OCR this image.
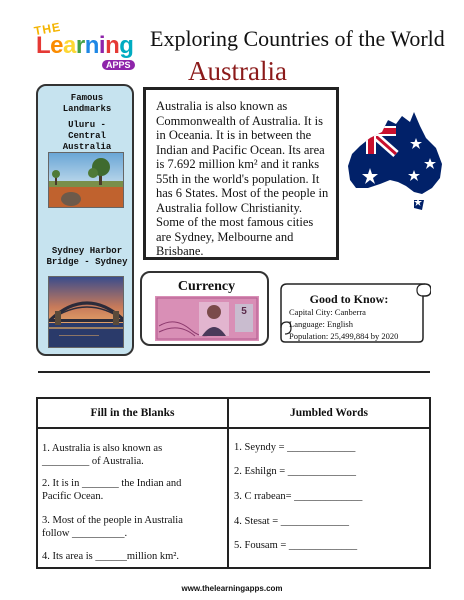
THE
Learning
APPS
Exploring Countries of the World
Australia
Famous Landmarks
Uluru - Central Australia
Sydney Harbor Bridge - Sydney
Australia is also known as Commonwealth of Australia. It is in Oceania. It is in between the Indian and Pacific Ocean. Its area is 7.692 million km² and it ranks 55th in the world's population. It has 6 States. Most of the people in Australia follow Christianity. Some of the most famous cities are Sydney, Melbourne and Brisbane.
Currency
5
Good to Know:
Capital City: Canberra
Language: English
Population: 25,499,884 by 2020
Fill in the Blanks	Jumbled Words
1. Australia is also known as
_________ of Australia.
2. It is in _______ the Indian and
Pacific Ocean.
3. Most of the people in Australia
follow __________.
4. Its area is ______million km².
1. Seyndy = _____________
2. Eshilgn = _____________
3. C rrabean= _____________
4. Stesat = _____________
5. Fousam = _____________
www.thelearningapps.com
